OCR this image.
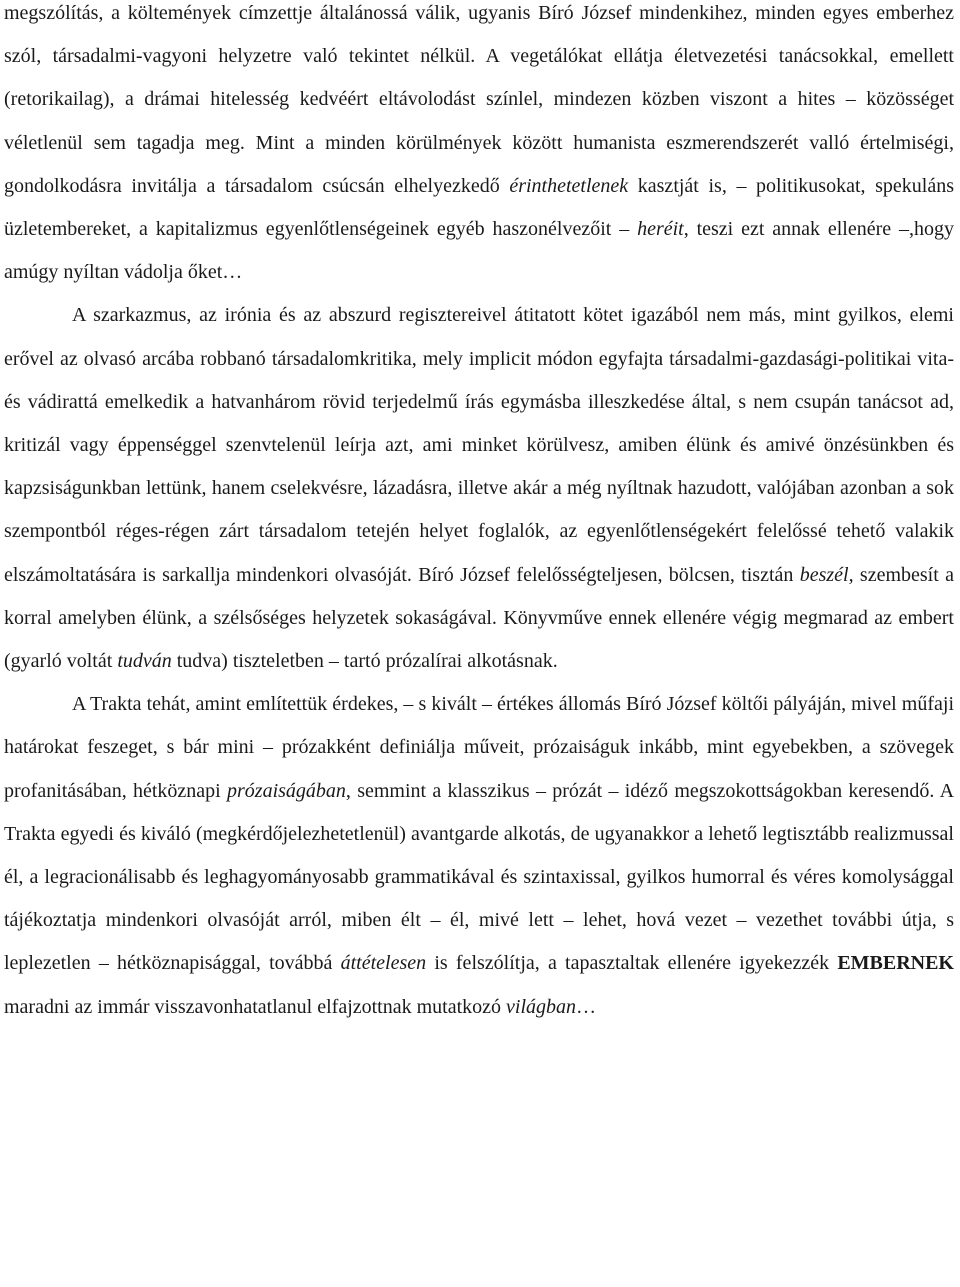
megszólítás, a költemények címzettje általánossá válik, ugyanis Bíró József mindenkihez, minden egyes emberhez szól, társadalmi-vagyoni helyzetre való tekintet nélkül. A vegetálókat ellátja életvezetési tanácsokkal, emellett (retorikailag), a drámai hitelesség kedvéért eltávolodást színlel, mindezen közben viszont a hites – közösséget véletlenül sem tagadja meg. Mint a minden körülmények között humanista eszmerendszerét valló értelmiségi, gondolkodásra invitálja a társadalom csúcsán elhelyezkedő érinthetetlenek kasztját is, – politikusokat, spekuláns üzletembereket, a kapitalizmus egyenlőtlenségeinek egyéb haszonélvezőit – heréit, teszi ezt annak ellenére –,hogy amúgy nyíltan vádolja őket…

A szarkazmus, az irónia és az abszurd regisztereivel átitatott kötet igazából nem más, mint gyilkos, elemi erővel az olvasó arcába robbanó társadalomkritika, mely implicit módon egyfajta társadalmi-gazdasági-politikai vita- és vádirattá emelkedik a hatvanhárom rövid terjedelmű írás egymásba illeszkedése által, s nem csupán tanácsot ad, kritizál vagy éppenséggel szenvtelenül leírja azt, ami minket körülvesz, amiben élünk és amivé önzésünkben és kapzsiságunkban lettünk, hanem cselekvésre, lázadásra, illetve akár a még nyíltnak hazudott, valójában azonban a sok szempontból réges-régen zárt társadalom tetején helyet foglalók, az egyenlőtlenségekért felelőssé tehető valakik elszámoltatására is sarkallja mindenkori olvasóját. Bíró József felelősségteljesen, bölcsen, tisztán beszél, szembesít a korral amelyben élünk, a szélsőséges helyzetek sokaságával. Könyvműve ennek ellenére végig megmarad az embert (gyarló voltát tudván tudva) tiszteletben – tartó prózalírai alkotásnak.

A Trakta tehát, amint említettük érdekes, – s kivált – értékes állomás Bíró József költői pályáján, mivel műfaji határokat feszeget, s bár mini – prózakként definiálja műveit, prózaiságuk inkább, mint egyebekben, a szövegek profanitásában, hétköznapi prózaiságában, semmint a klasszikus – prózát – idéző megszokottságokban keresendő. A Trakta egyedi és kiváló (megkérdőjelezhetetlenül) avantgarde alkotás, de ugyanakkor a lehető legtisztább realizmussal él, a legracionálisabb és leghagyományosabb grammatikával és szintaxissal, gyilkos humorral és véres komolysággal tájékoztatja mindenkori olvasóját arról, miben élt – él, mivé lett – lehet, hová vezet – vezethet további útja, s leplezetlen – hétköznapisággal, továbbá áttételesen is felszólítja, a tapasztaltak ellenére igyekezzék EMBERNEK maradni az immár visszavonhatatlanul elfajzottnak mutatkozó világban…
